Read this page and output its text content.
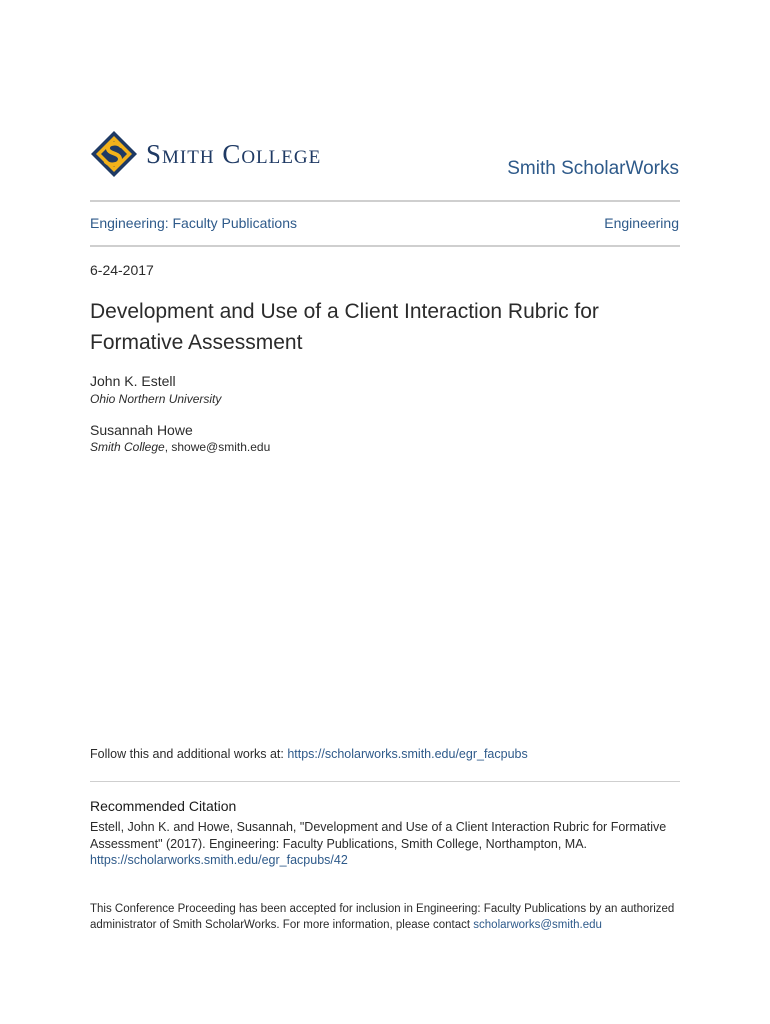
Smith College	Smith ScholarWorks
Engineering: Faculty Publications	Engineering
6-24-2017
Development and Use of a Client Interaction Rubric for Formative Assessment
John K. Estell
Ohio Northern University
Susannah Howe
Smith College, showe@smith.edu
Follow this and additional works at: https://scholarworks.smith.edu/egr_facpubs
Recommended Citation
Estell, John K. and Howe, Susannah, "Development and Use of a Client Interaction Rubric for Formative Assessment" (2017). Engineering: Faculty Publications, Smith College, Northampton, MA.
https://scholarworks.smith.edu/egr_facpubs/42
This Conference Proceeding has been accepted for inclusion in Engineering: Faculty Publications by an authorized administrator of Smith ScholarWorks. For more information, please contact scholarworks@smith.edu
